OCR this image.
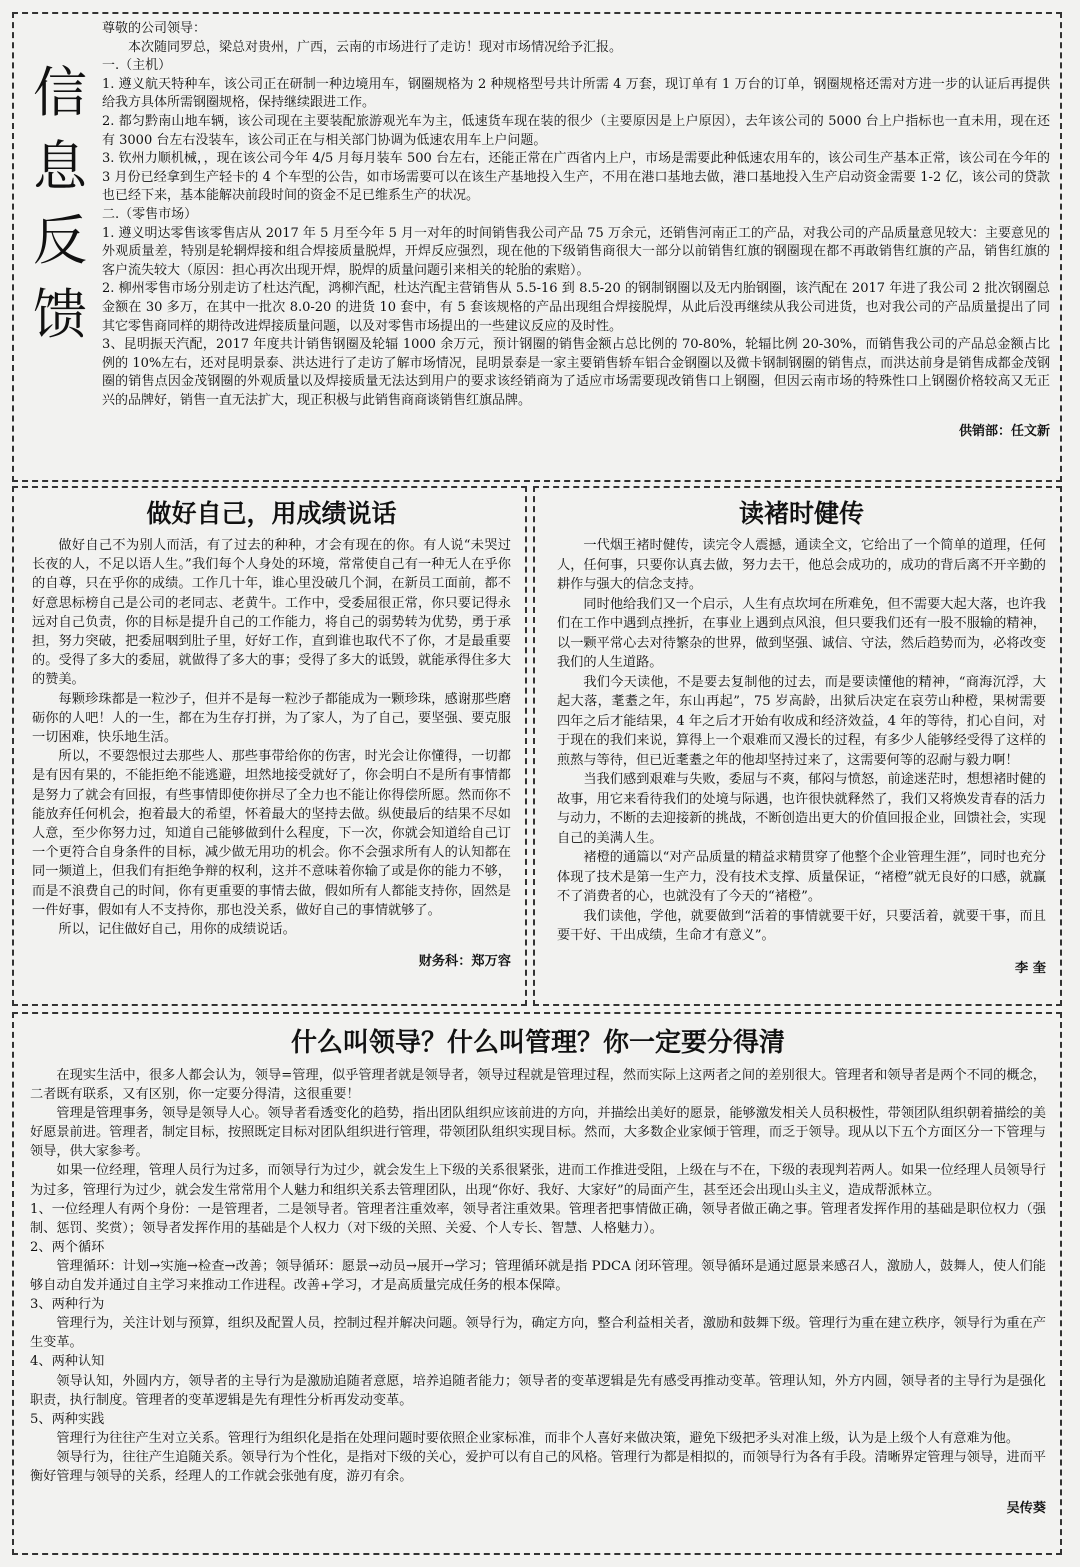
信
息
反
馈

尊敬的公司领导：

本次随同罗总，梁总对贵州，广西，云南的市场进行了走访！现对市场情况给予汇报。

一.（主机）

1. 遵义航天特种车，该公司正在研制一种边境用车，钢圈规格为 2 种规格型号共计所需 4 万套，现订单有 1 万台的订单，钢圈规格还需对方进一步的认证后再提供给我方具体所需钢圈规格，保持继续跟进工作。

2. 都匀黔南山地车辆，该公司现在主要装配旅游观光车为主，低速货车现在装的很少（主要原因是上户原因），去年该公司的 5000 台上户指标也一直未用，现在还有 3000 台左右没装车，该公司正在与相关部门协调为低速农用车上户问题。

3. 钦州力顺机械，，现在该公司今年 4/5 月每月装车 500 台左右，还能正常在广西省内上户，市场是需要此种低速农用车的，该公司生产基本正常，该公司在今年的 3 月份已经拿到生产轻卡的 4 个车型的公告，如市场需要可以在该生产基地投入生产，不用在港口基地去做，港口基地投入生产启动资金需要 1-2 亿，该公司的贷款也已经下来，基本能解决前段时间的资金不足已维系生产的状况。

二.（零售市场）

1. 遵义明达零售该零售店从 2017 年 5 月至今年 5 月一对年的时间销售我公司产品 75 万余元，还销售河南正工的产品，对我公司的产品质量意见较大：主要意见的外观质量差，特别是轮辋焊接和组合焊接质量脱焊，开焊反应强烈，现在他的下级销售商很大一部分以前销售红旗的钢圈现在都不再敢销售红旗的产品，销售红旗的客户流失较大（原因：担心再次出现开焊，脱焊的质量问题引来相关的轮胎的索赔）。

2. 柳州零售市场分别走访了杜达汽配，鸿柳汽配，杜达汽配主营销售从 5.5-16 到 8.5-20 的钢制钢圈以及无内胎钢圈，该汽配在 2017 年进了我公司 2 批次钢圈总金额在 30 多万，在其中一批次 8.0-20 的进货 10 套中，有 5 套该规格的产品出现组合焊接脱焊，从此后没再继续从我公司进货，也对我公司的产品质量提出了同其它零售商同样的期待改进焊接质量问题，以及对零售市场提出的一些建议反应的及时性。

3、昆明振天汽配，2017 年度共计销售钢圈及轮辐 1000 余万元，预计钢圈的销售金额占总比例的 70-80%，轮辐比例 20-30%，而销售我公司的产品总金额占比例的 10%左右，还对昆明景泰、洪达进行了走访了解市场情况，昆明景泰是一家主要销售轿车铝合金钢圈以及微卡钢制钢圈的销售点，而洪达前身是销售成都金茂钢圈的销售点因金茂钢圈的外观质量以及焊接质量无法达到用户的要求该经销商为了适应市场需要现改销售口上钢圈，但因云南市场的特殊性口上钢圈价格较高又无正兴的品牌好，销售一直无法扩大，现正积极与此销售商商谈销售红旗品牌。

供销部：任文新

做好自己，用成绩说话

做好自己不为别人而活，有了过去的种种，才会有现在的你。有人说“未哭过长夜的人，不足以语人生。”我们每个人身处的环境，常常使自己有一种无人在乎你的自尊，只在乎你的成绩。工作几十年，谁心里没破几个洞，在新员工面前，都不好意思标榜自己是公司的老同志、老黄牛。工作中，受委屈很正常，你只要记得永远对自己负责，你的目标是提升自己的工作能力，将自己的弱势转为优势，勇于承担，努力突破，把委屈咽到肚子里，好好工作，直到谁也取代不了你，才是最重要的。受得了多大的委屈，就做得了多大的事；受得了多大的诋毁，就能承得住多大的赞美。

每颗珍珠都是一粒沙子，但并不是每一粒沙子都能成为一颗珍珠，感谢那些磨砺你的人吧！人的一生，都在为生存打拼，为了家人，为了自己，要坚强、要克服一切困难，快乐地生活。

所以，不要怨恨过去那些人、那些事带给你的伤害，时光会让你懂得，一切都是有因有果的，不能拒绝不能逃避，坦然地接受就好了，你会明白不是所有事情都是努力了就会有回报，有些事情即使你拼尽了全力也不能让你得偿所愿。然而你不能放弃任何机会，抱着最大的希望，怀着最大的坚持去做。纵使最后的结果不尽如人意，至少你努力过，知道自己能够做到什么程度，下一次，你就会知道给自己订一个更符合自身条件的目标，减少做无用功的机会。你不会强求所有人的认知都在同一频道上，但我们有拒绝争辩的权利，这并不意味着你输了或是你的能力不够，而是不浪费自己的时间，你有更重要的事情去做，假如所有人都能支持你，固然是一件好事，假如有人不支持你，那也没关系，做好自己的事情就够了。

所以，记住做好自己，用你的成绩说话。

财务科：郑万容

读褚时健传

一代烟王褚时健传，读完令人震撼，通读全文，它给出了一个简单的道理，任何人，任何事，只要你认真去做，努力去干，他总会成功的，成功的背后离不开辛勤的耕作与强大的信念支持。

同时他给我们又一个启示，人生有点坎坷在所难免，但不需要大起大落，也许我们在工作中遇到点挫折，在事业上遇到点风浪，但只要我们还有一股不服输的精神，以一颗平常心去对待繁杂的世界，做到坚强、诚信、守法，然后趋势而为，必将改变我们的人生道路。

我们今天读他，不是要去复制他的过去，而是要读懂他的精神，“商海沉浮，大起大落，耄耋之年，东山再起”，75 岁高龄，出狱后决定在哀劳山种橙，果树需要四年之后才能结果，4 年之后才开始有收成和经济效益，4 年的等待，扪心自问，对于现在的我们来说，算得上一个艰难而又漫长的过程，有多少人能够经受得了这样的煎熬与等待，但已近耄耋之年的他却坚持过来了，这需要何等的忍耐与毅力啊！

当我们感到艰难与失败，委屈与不爽，郁闷与愤怒，前途迷茫时，想想褚时健的故事，用它来看待我们的处境与际遇，也许很快就释然了，我们又将焕发青春的活力与动力，不断的去迎接新的挑战，不断创造出更大的价值回报企业，回馈社会，实现自己的美满人生。

褚橙的通篇以“对产品质量的精益求精贯穿了他整个企业管理生涯”，同时也充分体现了技术是第一生产力，没有技术支撑、质量保证，“褚橙”就无良好的口感，就赢不了消费者的心，也就没有了今天的“褚橙”。

我们读他，学他，就要做到“活着的事情就要干好，只要活着，就要干事，而且要干好、干出成绩，生命才有意义”。

李 奎

什么叫领导？什么叫管理？你一定要分得清

在现实生活中，很多人都会认为，领导=管理，似乎管理者就是领导者，领导过程就是管理过程，然而实际上这两者之间的差别很大。管理者和领导者是两个不同的概念，二者既有联系，又有区别，你一定要分得清，这很重要！

管理是管理事务，领导是领导人心。领导者看透变化的趋势，指出团队组织应该前进的方向，并描绘出美好的愿景，能够激发相关人员积极性，带领团队组织朝着描绘的美好愿景前进。管理者，制定目标，按照既定目标对团队组织进行管理，带领团队组织实现目标。然而，大多数企业家倾于管理，而乏于领导。现从以下五个方面区分一下管理与领导，供大家参考。

如果一位经理，管理人员行为过多，而领导行为过少，就会发生上下级的关系很紧张，进而工作推进受阻，上级在与不在，下级的表现判若两人。如果一位经理人员领导行为过多，管理行为过少，就会发生常常用个人魅力和组织关系去管理团队，出现“你好、我好、大家好”的局面产生，甚至还会出现山头主义，造成帮派林立。

1、一位经理人有两个身份：一是管理者，二是领导者。管理者注重效率，领导者注重效果。管理者把事情做正确，领导者做正确之事。管理者发挥作用的基础是职位权力（强制、惩罚、奖赏）；领导者发挥作用的基础是个人权力（对下级的关照、关爱、个人专长、智慧、人格魅力）。

2、两个循环

管理循环：计划→实施→检查→改善；领导循环：愿景→动员→展开→学习；管理循环就是指 PDCA 闭环管理。领导循环是通过愿景来感召人，激励人，鼓舞人，使人们能够自动自发并通过自主学习来推动工作进程。改善+学习，才是高质量完成任务的根本保障。

3、两种行为

管理行为，关注计划与预算，组织及配置人员，控制过程并解决问题。领导行为，确定方向，整合利益相关者，激励和鼓舞下级。管理行为重在建立秩序，领导行为重在产生变革。

4、两种认知

领导认知，外圆内方，领导者的主导行为是激励追随者意愿，培养追随者能力；领导者的变革逻辑是先有感受再推动变革。管理认知，外方内圆，领导者的主导行为是强化职责，执行制度。管理者的变革逻辑是先有理性分析再发动变革。

5、两种实践

管理行为往往产生对立关系。管理行为组织化是指在处理问题时要依照企业家标准，而非个人喜好来做决策，避免下级把矛头对准上级，认为是上级个人有意难为他。

领导行为，往往产生追随关系。领导行为个性化，是指对下级的关心，爱护可以有自己的风格。管理行为都是相拟的，而领导行为各有手段。清晰界定管理与领导，进而平衡好管理与领导的关系，经理人的工作就会张弛有度，游刃有余。

吴传葵
